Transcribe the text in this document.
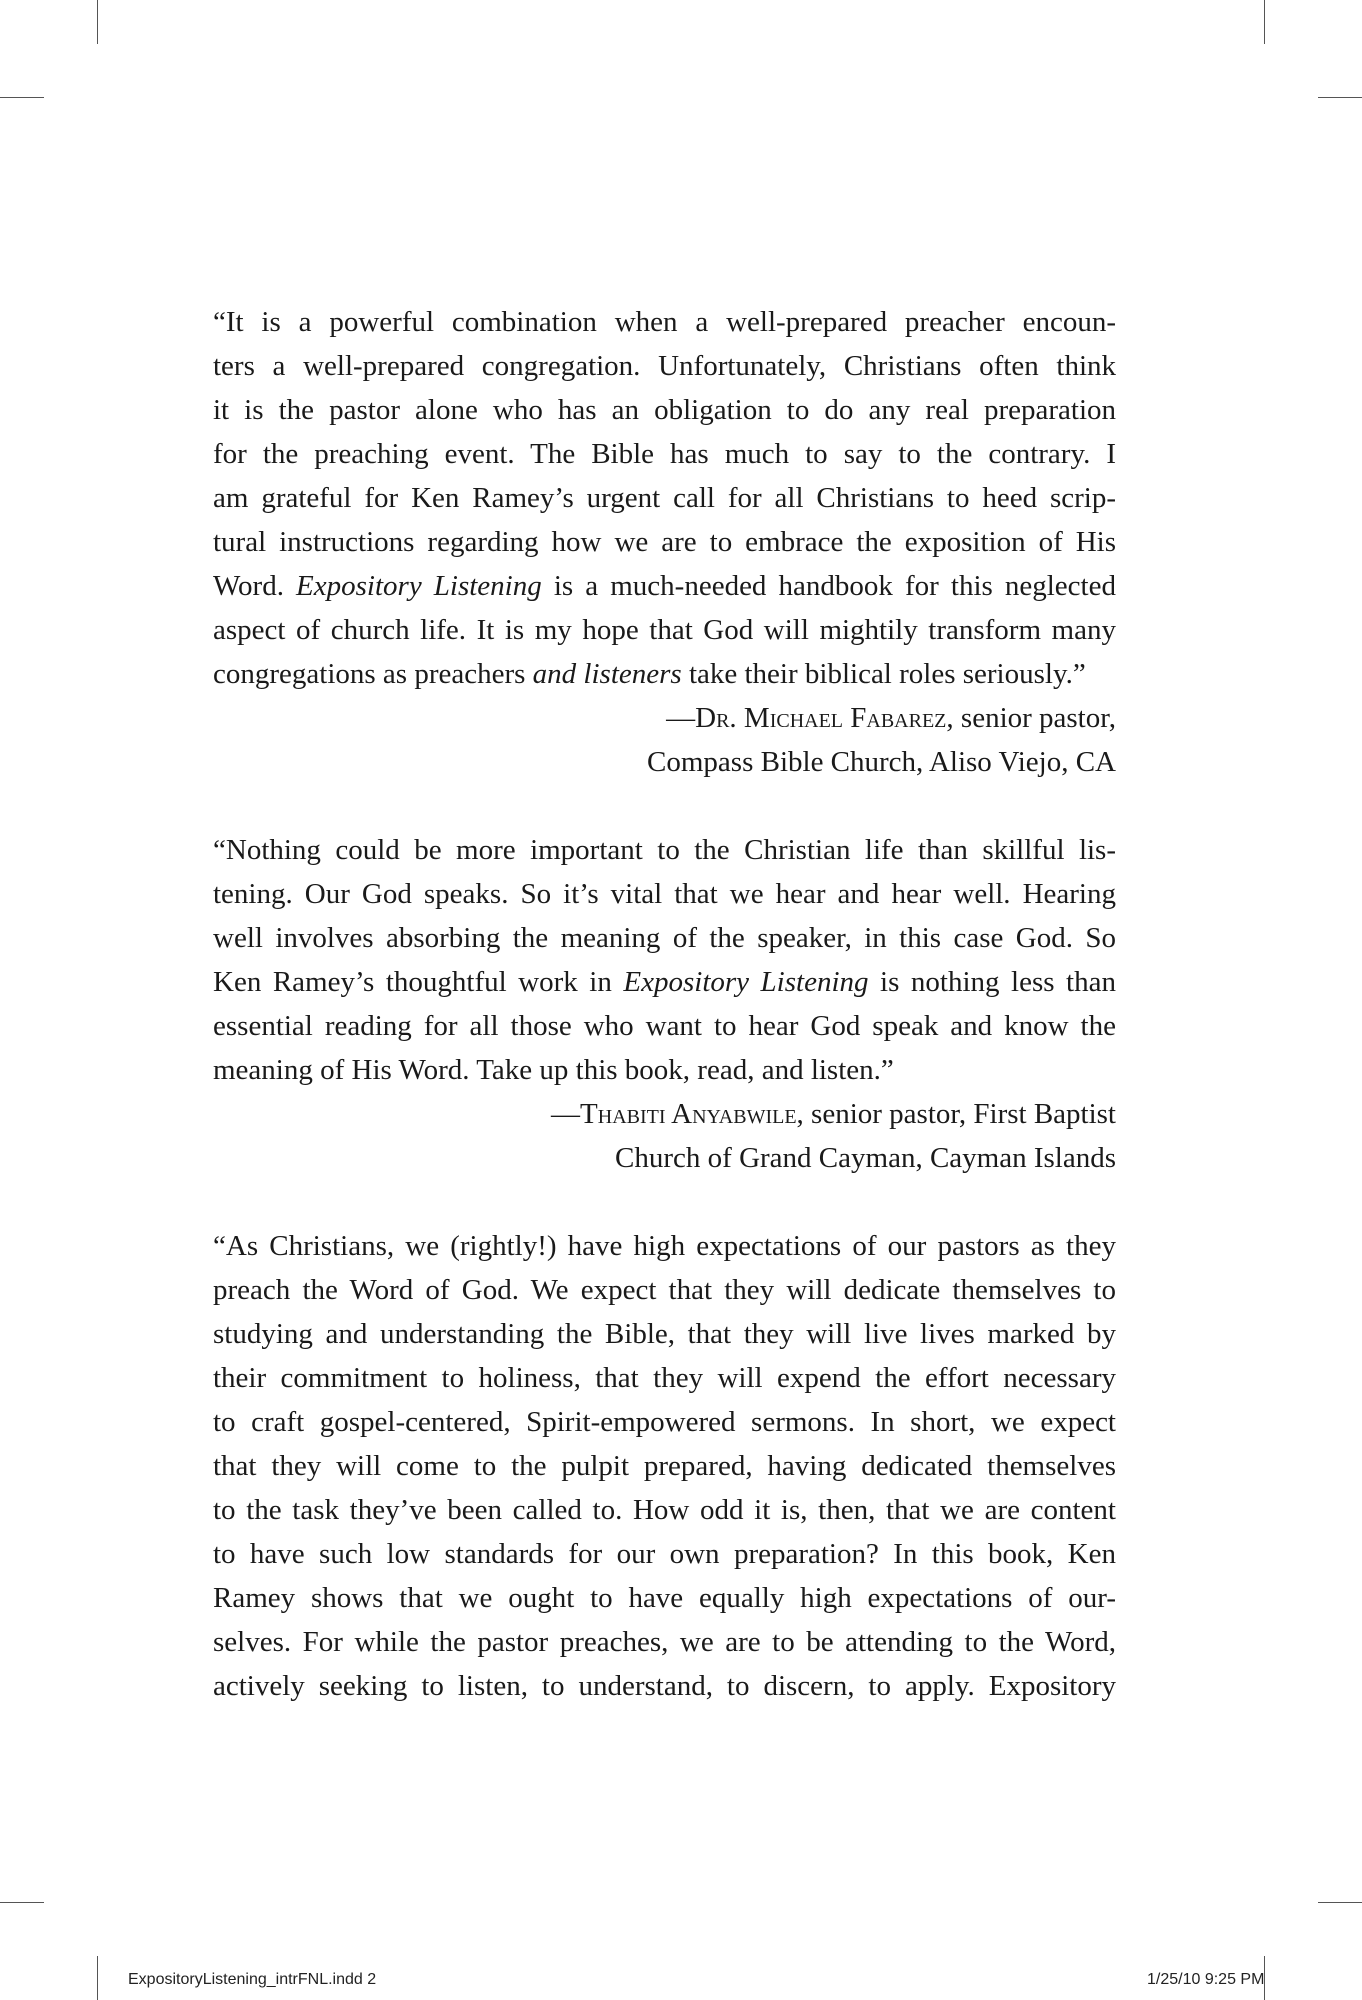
“It is a powerful combination when a well-prepared preacher encoun-
ters a well-prepared congregation. Unfortunately, Christians often think
it is the pastor alone who has an obligation to do any real preparation
for the preaching event. The Bible has much to say to the contrary. I
am grateful for Ken Ramey’s urgent call for all Christians to heed scrip-
tural instructions regarding how we are to embrace the exposition of His
Word. Expository Listening is a much-needed handbook for this neglected
aspect of church life. It is my hope that God will mightily transform many
congregations as preachers and listeners take their biblical roles seriously.”

—Dr. Michael Fabarez, senior pastor,
Compass Bible Church, Aliso Viejo, CA

“Nothing could be more important to the Christian life than skillful lis-
tening. Our God speaks. So it’s vital that we hear and hear well. Hearing
well involves absorbing the meaning of the speaker, in this case God. So
Ken Ramey’s thoughtful work in Expository Listening is nothing less than
essential reading for all those who want to hear God speak and know the
meaning of His Word. Take up this book, read, and listen.”

—Thabiti Anyabwile, senior pastor, First Baptist
Church of Grand Cayman, Cayman Islands

“As Christians, we (rightly!) have high expectations of our pastors as they
preach the Word of God. We expect that they will dedicate themselves to
studying and understanding the Bible, that they will live lives marked by
their commitment to holiness, that they will expend the effort necessary
to craft gospel-centered, Spirit-empowered sermons. In short, we expect
that they will come to the pulpit prepared, having dedicated themselves
to the task they’ve been called to. How odd it is, then, that we are content
to have such low standards for our own preparation? In this book, Ken
Ramey shows that we ought to have equally high expectations of our-
selves. For while the pastor preaches, we are to be attending to the Word,
actively seeking to listen, to understand, to discern, to apply. Expository

ExpositoryListening_intrFNL.indd 2	1/25/10 9:25 PM
